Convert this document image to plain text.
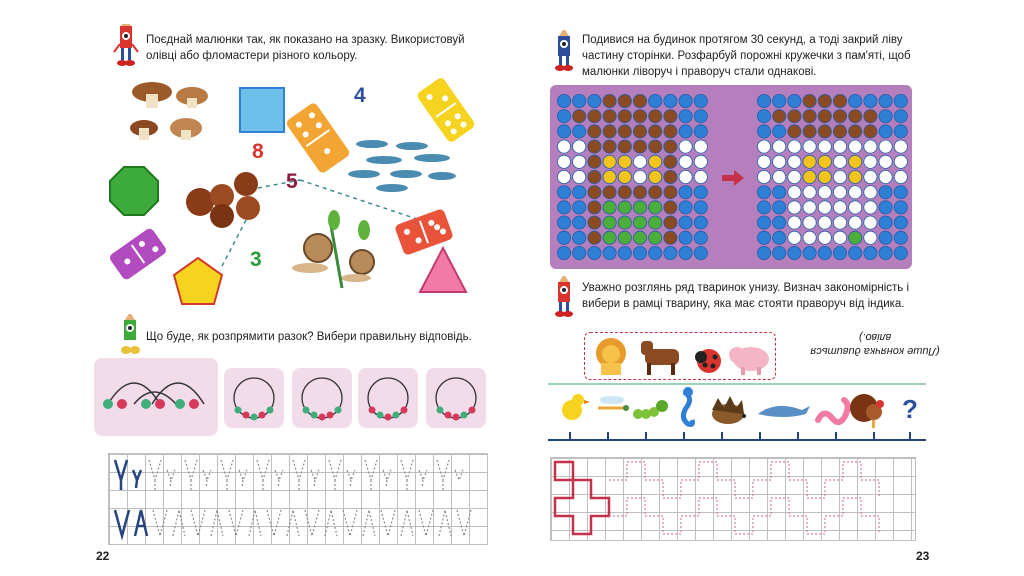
Поєднай малюнки так, як показано на зразку. Використовуй олівці або фломастери різного кольору.
4
8
5
3
Що буде, як розпрямити разок? Вибери правильну відповідь.
22
Подивися на будинок протягом 30 секунд, а тоді закрий ліву частину сторінки. Розфарбуй порожні кружечки з пам'яті, щоб малюнки ліворуч і праворуч стали однакові.
Уважно розглянь ряд тваринок унизу. Визнач закономірність і вибери в рамці тварину, яка має стояти праворуч від індика.
(Лише конячка дивиться вліво.)
?
23
